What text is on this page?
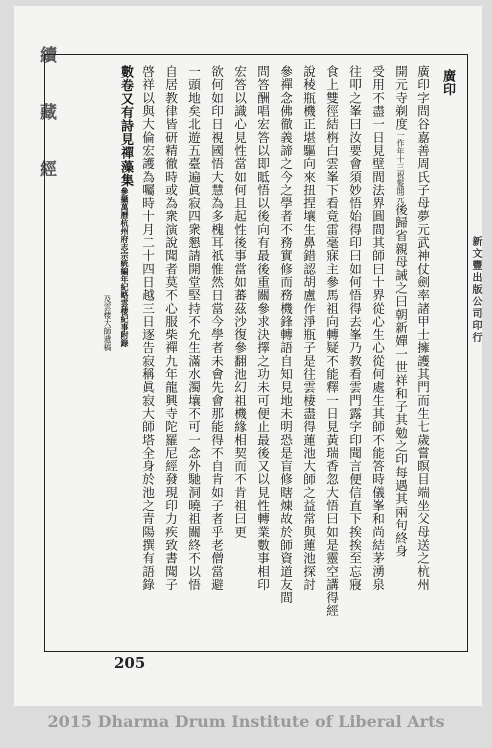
續 藏 經	廣印
廣印字問谷嘉善周氏子母夢元武神仗劍率諸甲士擁護其門而生七歲嘗瞑目端坐父母送之杭州
開元寺剃度一作年十三祝髮開元後歸省親母誡之曰朝新嬋一世祥和子其勉之印每遇其兩句終身
受用不盡一日見壁間法界圓間其師曰十界從心生心從何處生其師不能答時儀峯和尚結茅湧泉
往叩之峯曰汝要會須妙悟始得印曰如何悟得去峯乃教看雲門露字印聞言便信直下挨挨至忘寢
食上雙徑結栴白雲峯下看竟雷毫寐主參馬祖向轉疑不能釋一日見黃瑞香忽大悟曰如是靈空講得經
說稜瓶機正堪驅向來扭捏壤生鼻錯認胡盧作淨瓶子是往雲棲盡得蓮池大師之益常與蓮池探討
參禪念佛徹義諦之今之學者不務實修而務機鋒轉語自知見地未明恐是盲修瞎煉故於師資道友間
問答酬唱宏答以即眡悟以後向有最後重關參求決擇之功未可便止最後又以見性轉業數事相印
宏答以識心見性當如何且起性後事當如蕃茲沙復參翻池幻祖機緣相契而不肯祖曰更
欲何如印日視國悟大慧為多槐耳祇惟然日當今學者未會先會那能得不自肯如子者乎老僧當避
一頭地矣北遊五臺遍眞寂四衆懇請開堂堅持不允生滿水濁壤不可一念外馳洞曉祖關終不以悟
自居教律皆研精徹時或為衆演說聞者莫不心服柴禪九年龍興寺陀羅尼經發現印力疾致書聞子
啓祥以與大倫宏護為囑時十月二十四日越三日逐告寂稱眞寂大師塔全身於池之青陽撰有語錄
數卷又有詩見禪藻集參攝萬曆杭州府志宗統編年紀略雲棲紀事附錄
及雲棲大師遺稿	新文豐出版公司印行
205
2015 Dharma Drum Institute of Liberal Arts
